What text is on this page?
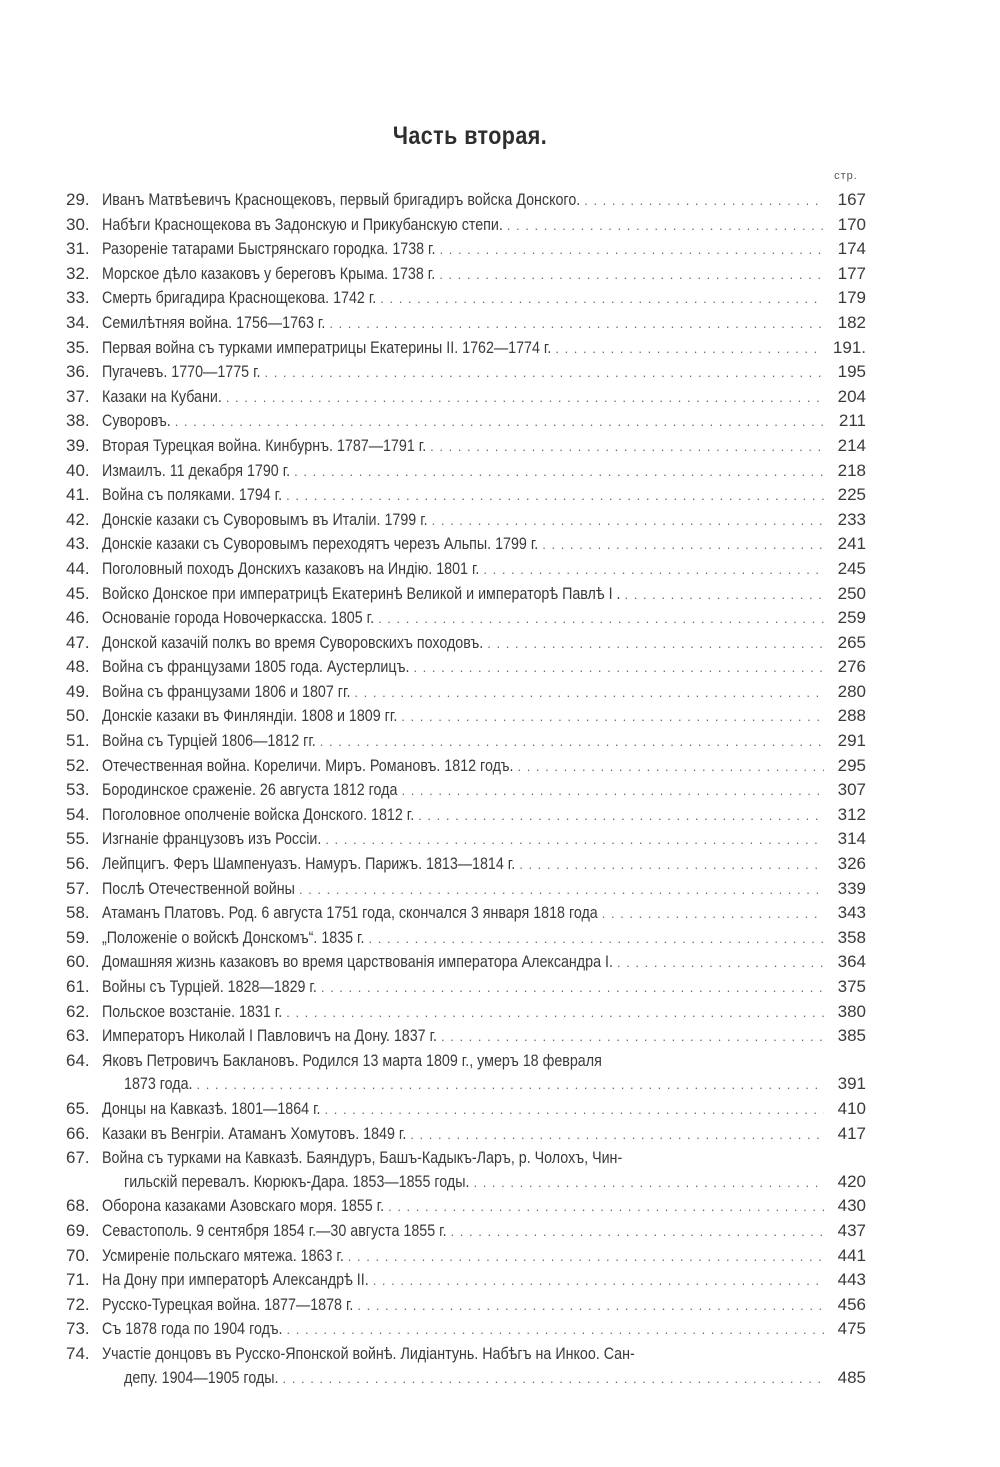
Часть вторая.
стр.
29. Иванъ Матвѣевичъ Краснощековъ, первый бригадиръ войска Донского. . . .	167
30. Набѣги Краснощекова въ Задонскую и Прикубанскую степи. . . .	170
31. Разореніе татарами Быстрянскаго городка. 1738 г. . . .	174
32. Морское дѣло казаковъ у береговъ Крыма. 1738 г. . . .	177
33. Смерть бригадира Краснощекова. 1742 г. . . .	179
34. Семилѣтняя война. 1756—1763 г. . . .	182
35. Первая война съ турками императрицы Екатерины II. 1762—1774 г. . . .	191.
36. Пугачевъ. 1770—1775 г. . . .	195
37. Казаки на Кубани. . . .	204
38. Суворовъ. . . .	211
39. Вторая Турецкая война. Кинбурнъ. 1787—1791 г. . . .	214
40. Измаилъ. 11 декабря 1790 г. . . .	218
41. Война съ поляками. 1794 г. . . .	225
42. Донскіе казаки съ Суворовымъ въ Италіи. 1799 г. . . .	233
43. Донскіе казаки съ Суворовымъ переходятъ черезъ Альпы. 1799 г. . . .	241
44. Поголовный походъ Донскихъ казаковъ на Индію. 1801 г. . . .	245
45. Войско Донское при императрицѣ Екатеринѣ Великой и императорѣ Павлѣ I . . . .	250
46. Основаніе города Новочеркасска. 1805 г. . . .	259
47. Донской казачій полкъ во время Суворовскихъ походовъ. . . .	265
48. Война съ французами 1805 года. Аустерлицъ. . . .	276
49. Война съ французами 1806 и 1807 гг. . . .	280
50. Донскіе казаки въ Финляндіи. 1808 и 1809 гг. . . .	288
51. Война съ Турціей 1806—1812 гг. . . .	291
52. Отечественная война. Кореличи. Миръ. Романовъ. 1812 годъ. . . .	295
53. Бородинское сраженіе. 26 августа 1812 года . . .	307
54. Поголовное ополченіе войска Донского. 1812 г. . . .	312
55. Изгнаніе французовъ изъ Россіи. . . .	314
56. Лейпцигъ. Феръ Шампенуазъ. Намуръ. Парижъ. 1813—1814 г. . . .	326
57. Послѣ Отечественной войны . . .	339
58. Атаманъ Платовъ. Род. 6 августа 1751 года, скончался 3 января 1818 года . . .	343
59. „Положеніе о войскѣ Донскомъ“. 1835 г. . . .	358
60. Домашняя жизнь казаковъ во время царствованія императора Александра I. . . .	364
61. Войны съ Турціей. 1828—1829 г. . . .	375
62. Польское возстаніе. 1831 г. . . .	380
63. Императоръ Николай I Павловичъ на Дону. 1837 г. . . .	385
64. Яковъ Петровичъ Баклановъ. Родился 13 марта 1809 г., умеръ 18 февраля
1873 года. . . .	391
65. Донцы на Кавказѣ. 1801—1864 г. . . .	410
66. Казаки въ Венгріи. Атаманъ Хомутовъ. 1849 г. . . .	417
67. Война съ турками на Кавказѣ. Баяндуръ, Башъ-Кадыкъ-Ларъ, р. Чолохъ, Чин-
гильскій перевалъ. Кюрюкъ-Дара. 1853—1855 годы. . . .	420
68. Оборона казаками Азовскаго моря. 1855 г. . . .	430
69. Севастополь. 9 сентября 1854 г.—30 августа 1855 г. . . .	437
70. Усмиреніе польскаго мятежа. 1863 г. . . .	441
71. На Дону при императорѣ Александрѣ II. . . .	443
72. Русско-Турецкая война. 1877—1878 г. . . .	456
73. Съ 1878 года по 1904 годъ. . . .	475
74. Участіе донцовъ въ Русско-Японской войнѣ. Лидіантунь. Набѣгъ на Инкоо. Сан-
депу. 1904—1905 годы. . . .	485
